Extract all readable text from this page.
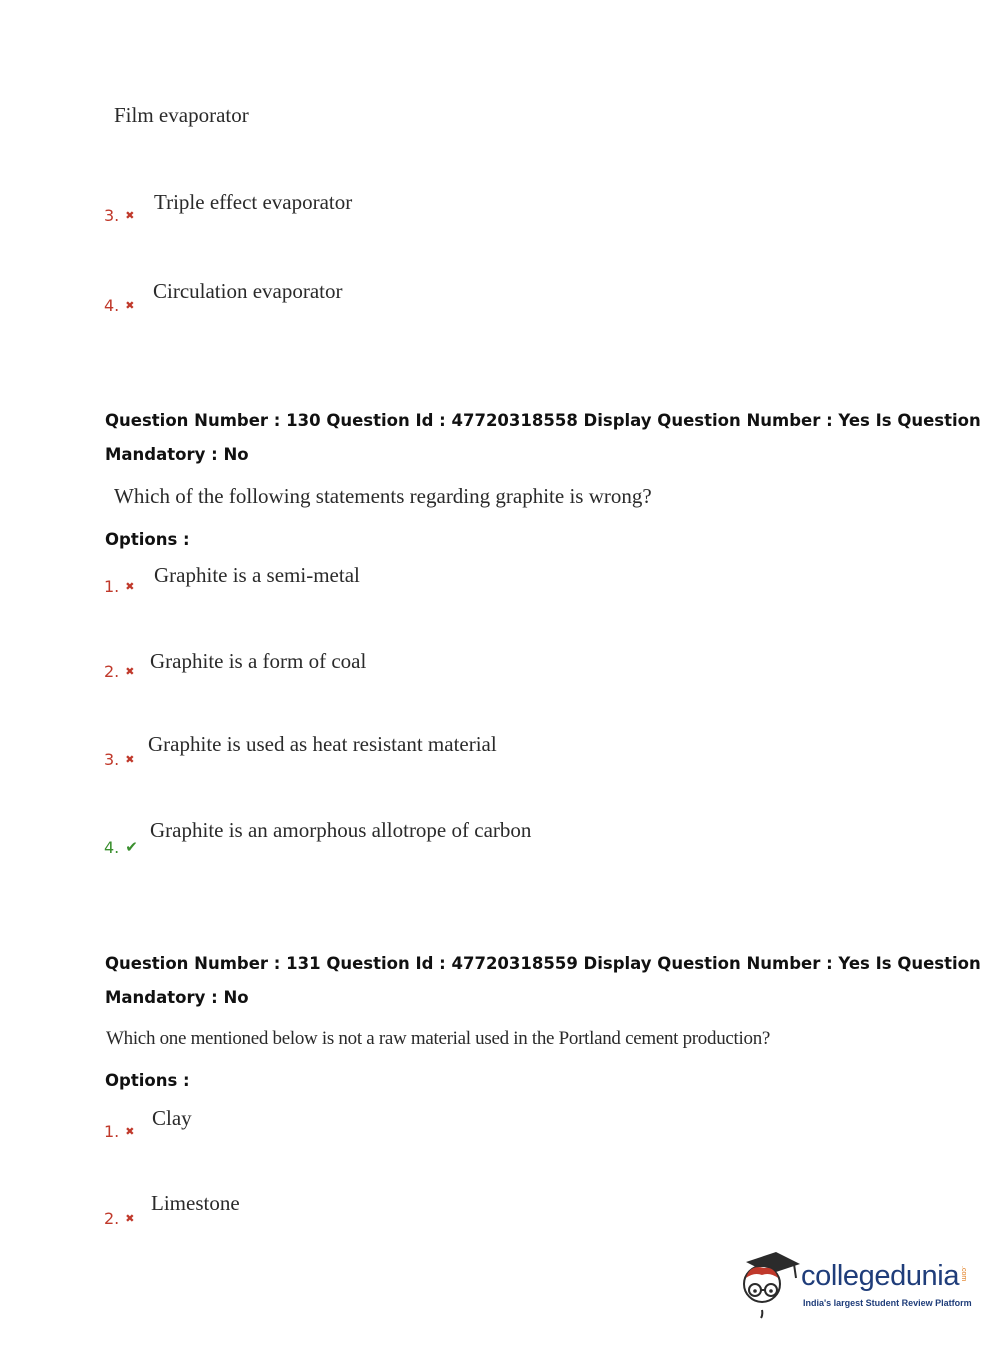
Film evaporator
3. ✖
Triple effect evaporator
4. ✖
Circulation evaporator
Question Number : 130 Question Id : 47720318558 Display Question Number : Yes Is Question
Mandatory : No
Which of the following statements regarding graphite is wrong?
Options :
1. ✖ Graphite is a semi-metal
2. ✖ Graphite is a form of coal
3. ✖
Graphite is used as heat resistant material
4. ✔
Graphite is an amorphous allotrope of carbon
Question Number : 131 Question Id : 47720318559 Display Question Number : Yes Is Question
Mandatory : No
Which one mentioned below is not a raw material used in the Portland cement production?
Options :
1. ✖
Clay
2. ✖
Limestone
collegedunia .com
India's largest Student Review Platform
